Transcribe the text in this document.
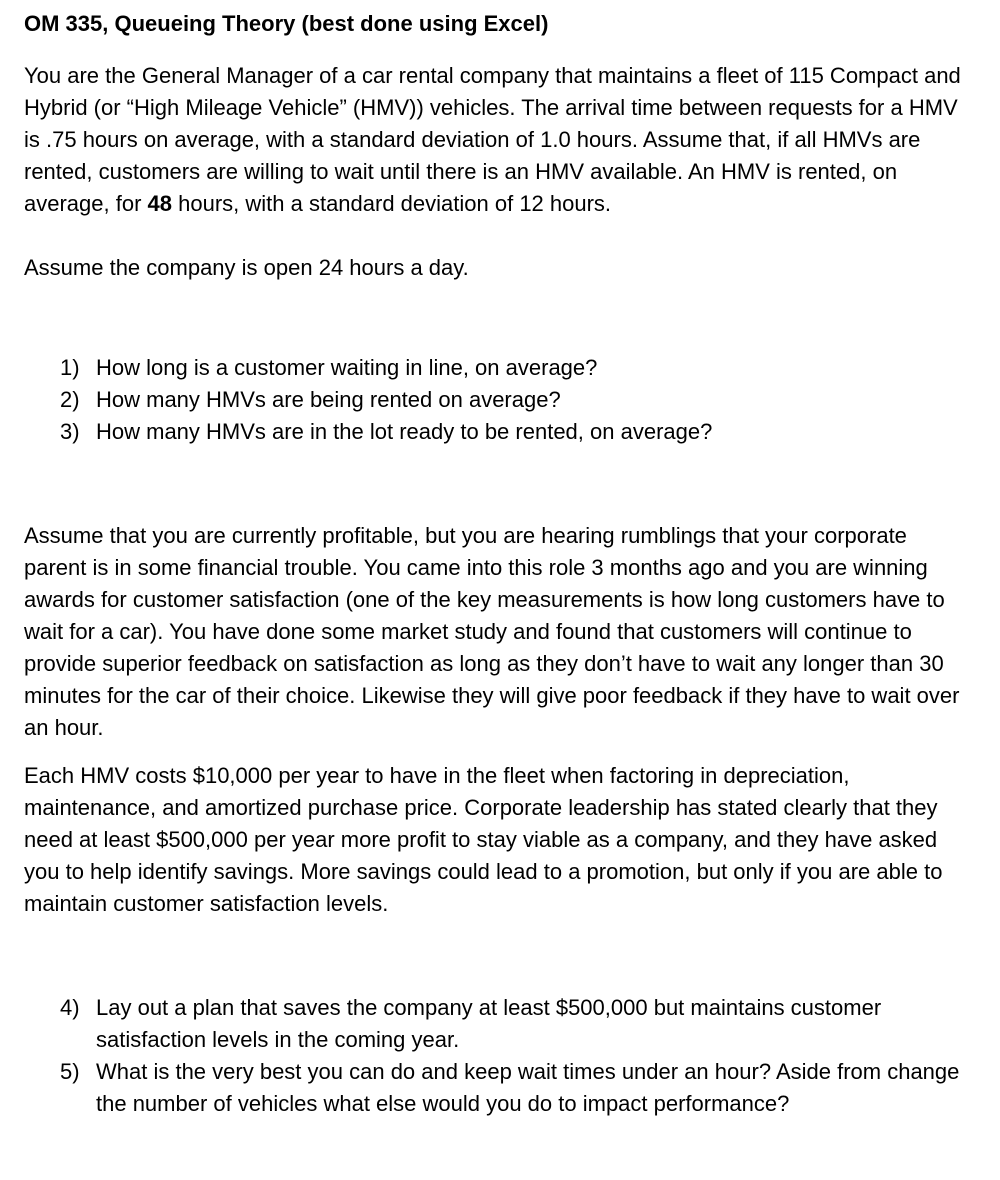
OM 335, Queueing Theory (best done using Excel)

You are the General Manager of a car rental company that maintains a fleet of 115 Compact and Hybrid (or “High Mileage Vehicle” (HMV)) vehicles. The arrival time between requests for a HMV is .75 hours on average, with a standard deviation of 1.0 hours. Assume that, if all HMVs are rented, customers are willing to wait until there is an HMV available. An HMV is rented, on average, for 48 hours, with a standard deviation of 12 hours.

Assume the company is open 24 hours a day.

1) How long is a customer waiting in line, on average?
2) How many HMVs are being rented on average?
3) How many HMVs are in the lot ready to be rented, on average?

Assume that you are currently profitable, but you are hearing rumblings that your corporate parent is in some financial trouble. You came into this role 3 months ago and you are winning awards for customer satisfaction (one of the key measurements is how long customers have to wait for a car). You have done some market study and found that customers will continue to provide superior feedback on satisfaction as long as they don’t have to wait any longer than 30 minutes for the car of their choice. Likewise they will give poor feedback if they have to wait over an hour.

Each HMV costs $10,000 per year to have in the fleet when factoring in depreciation, maintenance, and amortized purchase price. Corporate leadership has stated clearly that they need at least $500,000 per year more profit to stay viable as a company, and they have asked you to help identify savings. More savings could lead to a promotion, but only if you are able to maintain customer satisfaction levels.

4) Lay out a plan that saves the company at least $500,000 but maintains customer satisfaction levels in the coming year.
5) What is the very best you can do and keep wait times under an hour? Aside from change the number of vehicles what else would you do to impact performance?
